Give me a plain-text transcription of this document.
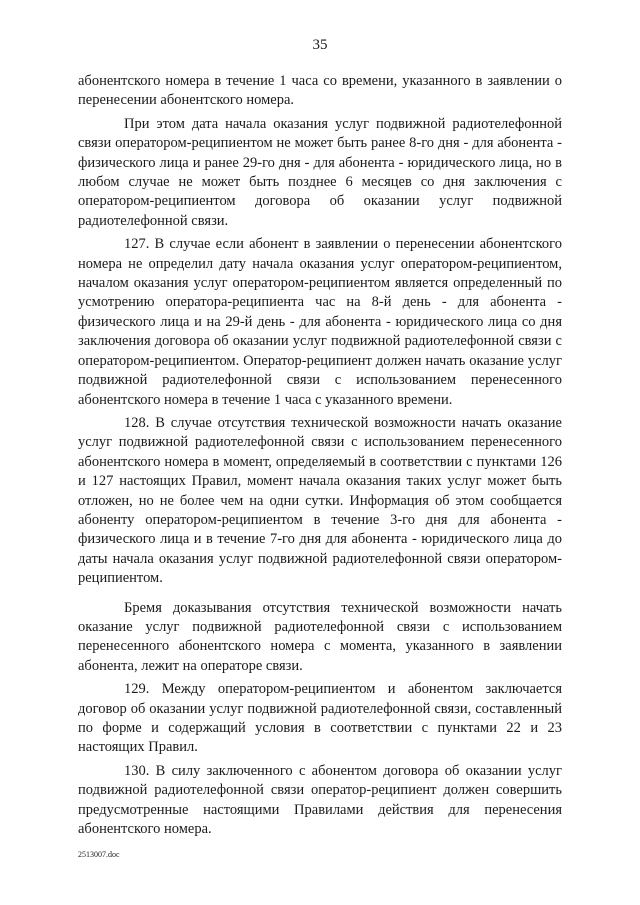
35

абонентского номера в течение 1 часа со времени, указанного в заявлении о перенесении абонентского номера.

При этом дата начала оказания услуг подвижной радиотелефонной связи оператором-реципиентом не может быть ранее 8-го дня - для абонента - физического лица и ранее 29-го дня - для абонента - юридического лица, но в любом случае не может быть позднее 6 месяцев со дня заключения с оператором-реципиентом договора об оказании услуг подвижной радиотелефонной связи.

127. В случае если абонент в заявлении о перенесении абонентского номера не определил дату начала оказания услуг оператором-реципиентом, началом оказания услуг оператором-реципиентом является определенный по усмотрению оператора-реципиента час на 8-й день - для абонента - физического лица и на 29-й день - для абонента - юридического лица со дня заключения договора об оказании услуг подвижной радиотелефонной связи с оператором-реципиентом. Оператор-реципиент должен начать оказание услуг подвижной радиотелефонной связи с использованием перенесенного абонентского номера в течение 1 часа с указанного времени.

128. В случае отсутствия технической возможности начать оказание услуг подвижной радиотелефонной связи с использованием перенесенного абонентского номера в момент, определяемый в соответствии с пунктами 126 и 127 настоящих Правил, момент начала оказания таких услуг может быть отложен, но не более чем на одни сутки. Информация об этом сообщается абоненту оператором-реципиентом в течение 3-го дня для абонента - физического лица и в течение 7-го дня для абонента - юридического лица до даты начала оказания услуг подвижной радиотелефонной связи оператором-реципиентом.

Бремя доказывания отсутствия технической возможности начать оказание услуг подвижной радиотелефонной связи с использованием перенесенного абонентского номера с момента, указанного в заявлении абонента, лежит на операторе связи.

129. Между оператором-реципиентом и абонентом заключается договор об оказании услуг подвижной радиотелефонной связи, составленный по форме и содержащий условия в соответствии с пунктами 22 и 23 настоящих Правил.

130. В силу заключенного с абонентом договора об оказании услуг подвижной радиотелефонной связи оператор-реципиент должен совершить предусмотренные настоящими Правилами действия для перенесения абонентского номера.

2513007.doc
